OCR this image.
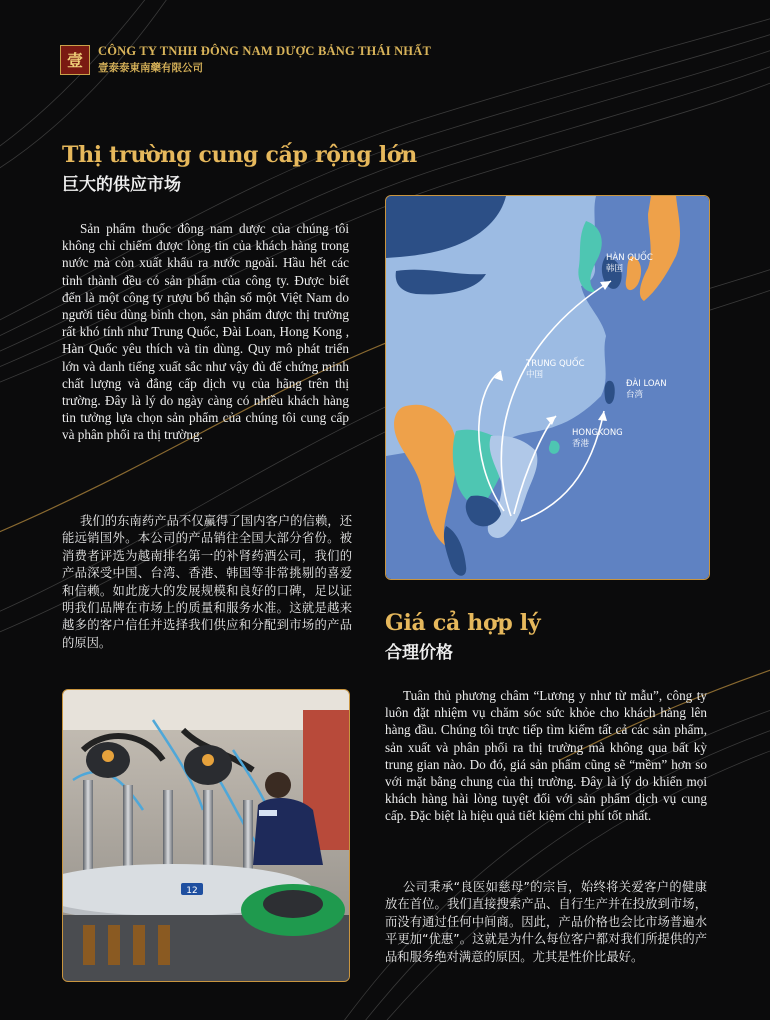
壹	CÔNG TY TNHH ĐÔNG NAM DƯỢC BẢNG THÁI NHẤT
壹泰泰東南藥有限公司
Thị trường cung cấp rộng lớn
巨大的供应市场
Sản phẩm thuốc đông nam dược của chúng tôi không chỉ chiếm được lòng tin của khách hàng trong nước mà còn xuất khẩu ra nước ngoài. Hầu hết các tỉnh thành đều có sản phẩm của công ty. Được biết đến là một công ty rượu bổ thận số một Việt Nam do người tiêu dùng bình chọn, sản phẩm được thị trường rất khó tính như Trung Quốc, Đài Loan, Hong Kong , Hàn Quốc yêu thích và tin dùng. Quy mô phát triển lớn và danh tiếng xuất sắc như vậy đủ để chứng minh chất lượng và đẳng cấp dịch vụ của hãng trên thị trường. Đây là lý do ngày càng có nhiều khách hàng tin tưởng lựa chọn sản phẩm của chúng tôi cung cấp và phân phối ra thị trường.
我们的东南药产品不仅赢得了国内客户的信赖，还能远销国外。本公司的产品销往全国大部分省份。被消费者评选为越南排名第一的补肾药酒公司，我们的产品深受中国、台湾、香港、韩国等非常挑剔的喜爱和信赖。如此庞大的发展规模和良好的口碑，足以证明我们品牌在市场上的质量和服务水准。这就是越来越多的客户信任并选择我们供应和分配到市场的产品的原因。
HÀN QUỐC
韩国
TRUNG QUỐC
中国
ĐÀI LOAN
台湾
HONGKONG
香港
Giá cả hợp lý
合理价格
Tuân thủ phương châm “Lương y như từ mẫu”, công ty luôn đặt nhiệm vụ chăm sóc sức khỏe cho khách hàng lên hàng đầu. Chúng tôi trực tiếp tìm kiếm tất cả các sản phẩm, sản xuất và phân phối ra thị trường mà không qua bất kỳ trung gian nào. Do đó, giá sản phẩm cũng sẽ “mềm” hơn so với mặt bằng chung của thị trường. Đây là lý do khiến mọi khách hàng hài lòng tuyệt đối với sản phẩm dịch vụ cung cấp. Đặc biệt là hiệu quả tiết kiệm chi phí tốt nhất.
公司秉承“良医如慈母”的宗旨，始终将关爱客户的健康放在首位。我们直接搜索产品、自行生产并在投放到市场，而没有通过任何中间商。因此，产品价格也会比市场普遍水平更加“优惠”。这就是为什么每位客户都对我们所提供的产品和服务绝对满意的原因。尤其是性价比最好。
12
